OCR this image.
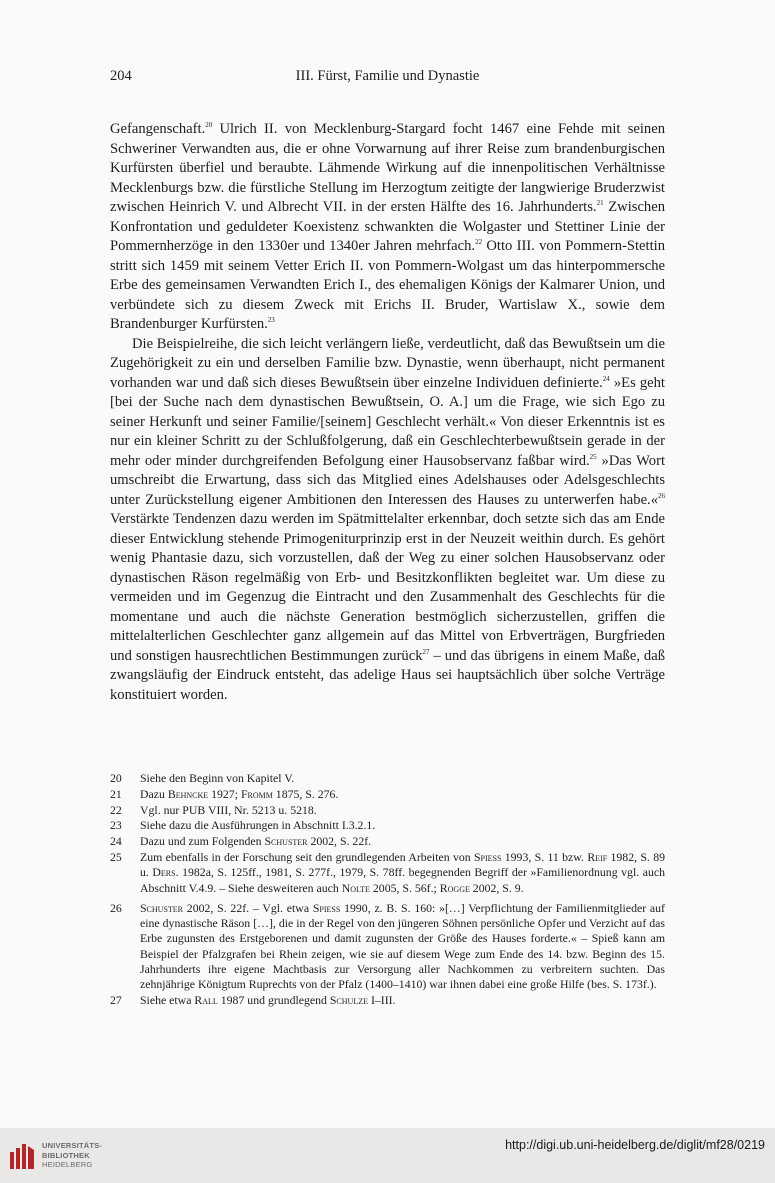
204	III. Fürst, Familie und Dynastie

Gefangenschaft.$^{20}$ Ulrich II. von Mecklenburg-Stargard focht 1467 eine Fehde mit seinen Schweriner Verwandten aus, die er ohne Vorwarnung auf ihrer Reise zum brandenburgischen Kurfürsten überfiel und beraubte. Lähmende Wirkung auf die innenpolitischen Verhältnisse Mecklenburgs bzw. die fürstliche Stellung im Herzogtum zeitigte der langwierige Bruderzwist zwischen Heinrich V. und Albrecht VII. in der ersten Hälfte des 16. Jahrhunderts.$^{21}$ Zwischen Konfrontation und geduldeter Koexistenz schwankten die Wolgaster und Stettiner Linie der Pommernherzöge in den 1330er und 1340er Jahren mehrfach.$^{22}$ Otto III. von Pommern-Stettin stritt sich 1459 mit seinem Vetter Erich II. von Pommern-Wolgast um das hinterpommersche Erbe des gemeinsamen Verwandten Erich I., des ehemaligen Königs der Kalmarer Union, und verbündete sich zu diesem Zweck mit Erichs II. Bruder, Wartislaw X., sowie dem Brandenburger Kurfürsten.$^{23}$

Die Beispielreihe, die sich leicht verlängern ließe, verdeutlicht, daß das Bewußtsein um die Zugehörigkeit zu ein und derselben Familie bzw. Dynastie, wenn überhaupt, nicht permanent vorhanden war und daß sich dieses Bewußtsein über einzelne Individuen definierte.$^{24}$ »Es geht [bei der Suche nach dem dynastischen Bewußtsein, O. A.] um die Frage, wie sich Ego zu seiner Herkunft und seiner Familie/[seinem] Geschlecht verhält.« Von dieser Erkenntnis ist es nur ein kleiner Schritt zu der Schlußfolgerung, daß ein Geschlechterbewußtsein gerade in der mehr oder minder durchgreifenden Befolgung einer Hausobservanz faßbar wird.$^{25}$ »Das Wort umschreibt die Erwartung, dass sich das Mitglied eines Adelshauses oder Adelsgeschlechts unter Zurückstellung eigener Ambitionen den Interessen des Hauses zu unterwerfen habe.«$^{26}$ Verstärkte Tendenzen dazu werden im Spätmittelalter erkennbar, doch setzte sich das am Ende dieser Entwicklung stehende Primogeniturprinzip erst in der Neuzeit weithin durch. Es gehört wenig Phantasie dazu, sich vorzustellen, daß der Weg zu einer solchen Hausobservanz oder dynastischen Räson regelmäßig von Erb- und Besitzkonflikten begleitet war. Um diese zu vermeiden und im Gegenzug die Eintracht und den Zusammenhalt des Geschlechts für die momentane und auch die nächste Generation bestmöglich sicherzustellen, griffen die mittelalterlichen Geschlechter ganz allgemein auf das Mittel von Erbverträgen, Burgfrieden und sonstigen hausrechtlichen Bestimmungen zurück$^{27}$ – und das übrigens in einem Maße, daß zwangsläufig der Eindruck entsteht, das adelige Haus sei hauptsächlich über solche Verträge konstituiert worden.

20	Siehe den Beginn von Kapitel V.
21	Dazu Behncke 1927; Fromm 1875, S. 276.
22	Vgl. nur PUB VIII, Nr. 5213 u. 5218.
23	Siehe dazu die Ausführungen in Abschnitt I.3.2.1.
24	Dazu und zum Folgenden Schuster 2002, S. 22f.
25	Zum ebenfalls in der Forschung seit den grundlegenden Arbeiten von Spiess 1993, S. 11 bzw. Reif 1982, S. 89 u. Ders. 1982a, S. 125ff., 1981, S. 277f., 1979, S. 78ff. begegnenden Begriff der »Familienordnung vgl. auch Abschnitt V.4.9. – Siehe desweiteren auch Nolte 2005, S. 56f.; Rogge 2002, S. 9.
26	Schuster 2002, S. 22f. – Vgl. etwa Spiess 1990, z. B. S. 160: »[…] Verpflichtung der Familienmitglieder auf eine dynastische Räson […], die in der Regel von den jüngeren Söhnen persönliche Opfer und Verzicht auf das Erbe zugunsten des Erstgeborenen und damit zugunsten der Größe des Hauses forderte.« – Spieß kann am Beispiel der Pfalzgrafen bei Rhein zeigen, wie sie auf diesem Wege zum Ende des 14. bzw. Beginn des 15. Jahrhunderts ihre eigene Machtbasis zur Versorgung aller Nachkommen zu verbreitern suchten. Das zehnjährige Königtum Ruprechts von der Pfalz (1400–1410) war ihnen dabei eine große Hilfe (bes. S. 173f.).
27	Siehe etwa Rall 1987 und grundlegend Schulze I–III.
UNIVERSITÄTS-
BIBLIOTHEK
HEIDELBERG
http://digi.ub.uni-heidelberg.de/diglit/mf28/0219
